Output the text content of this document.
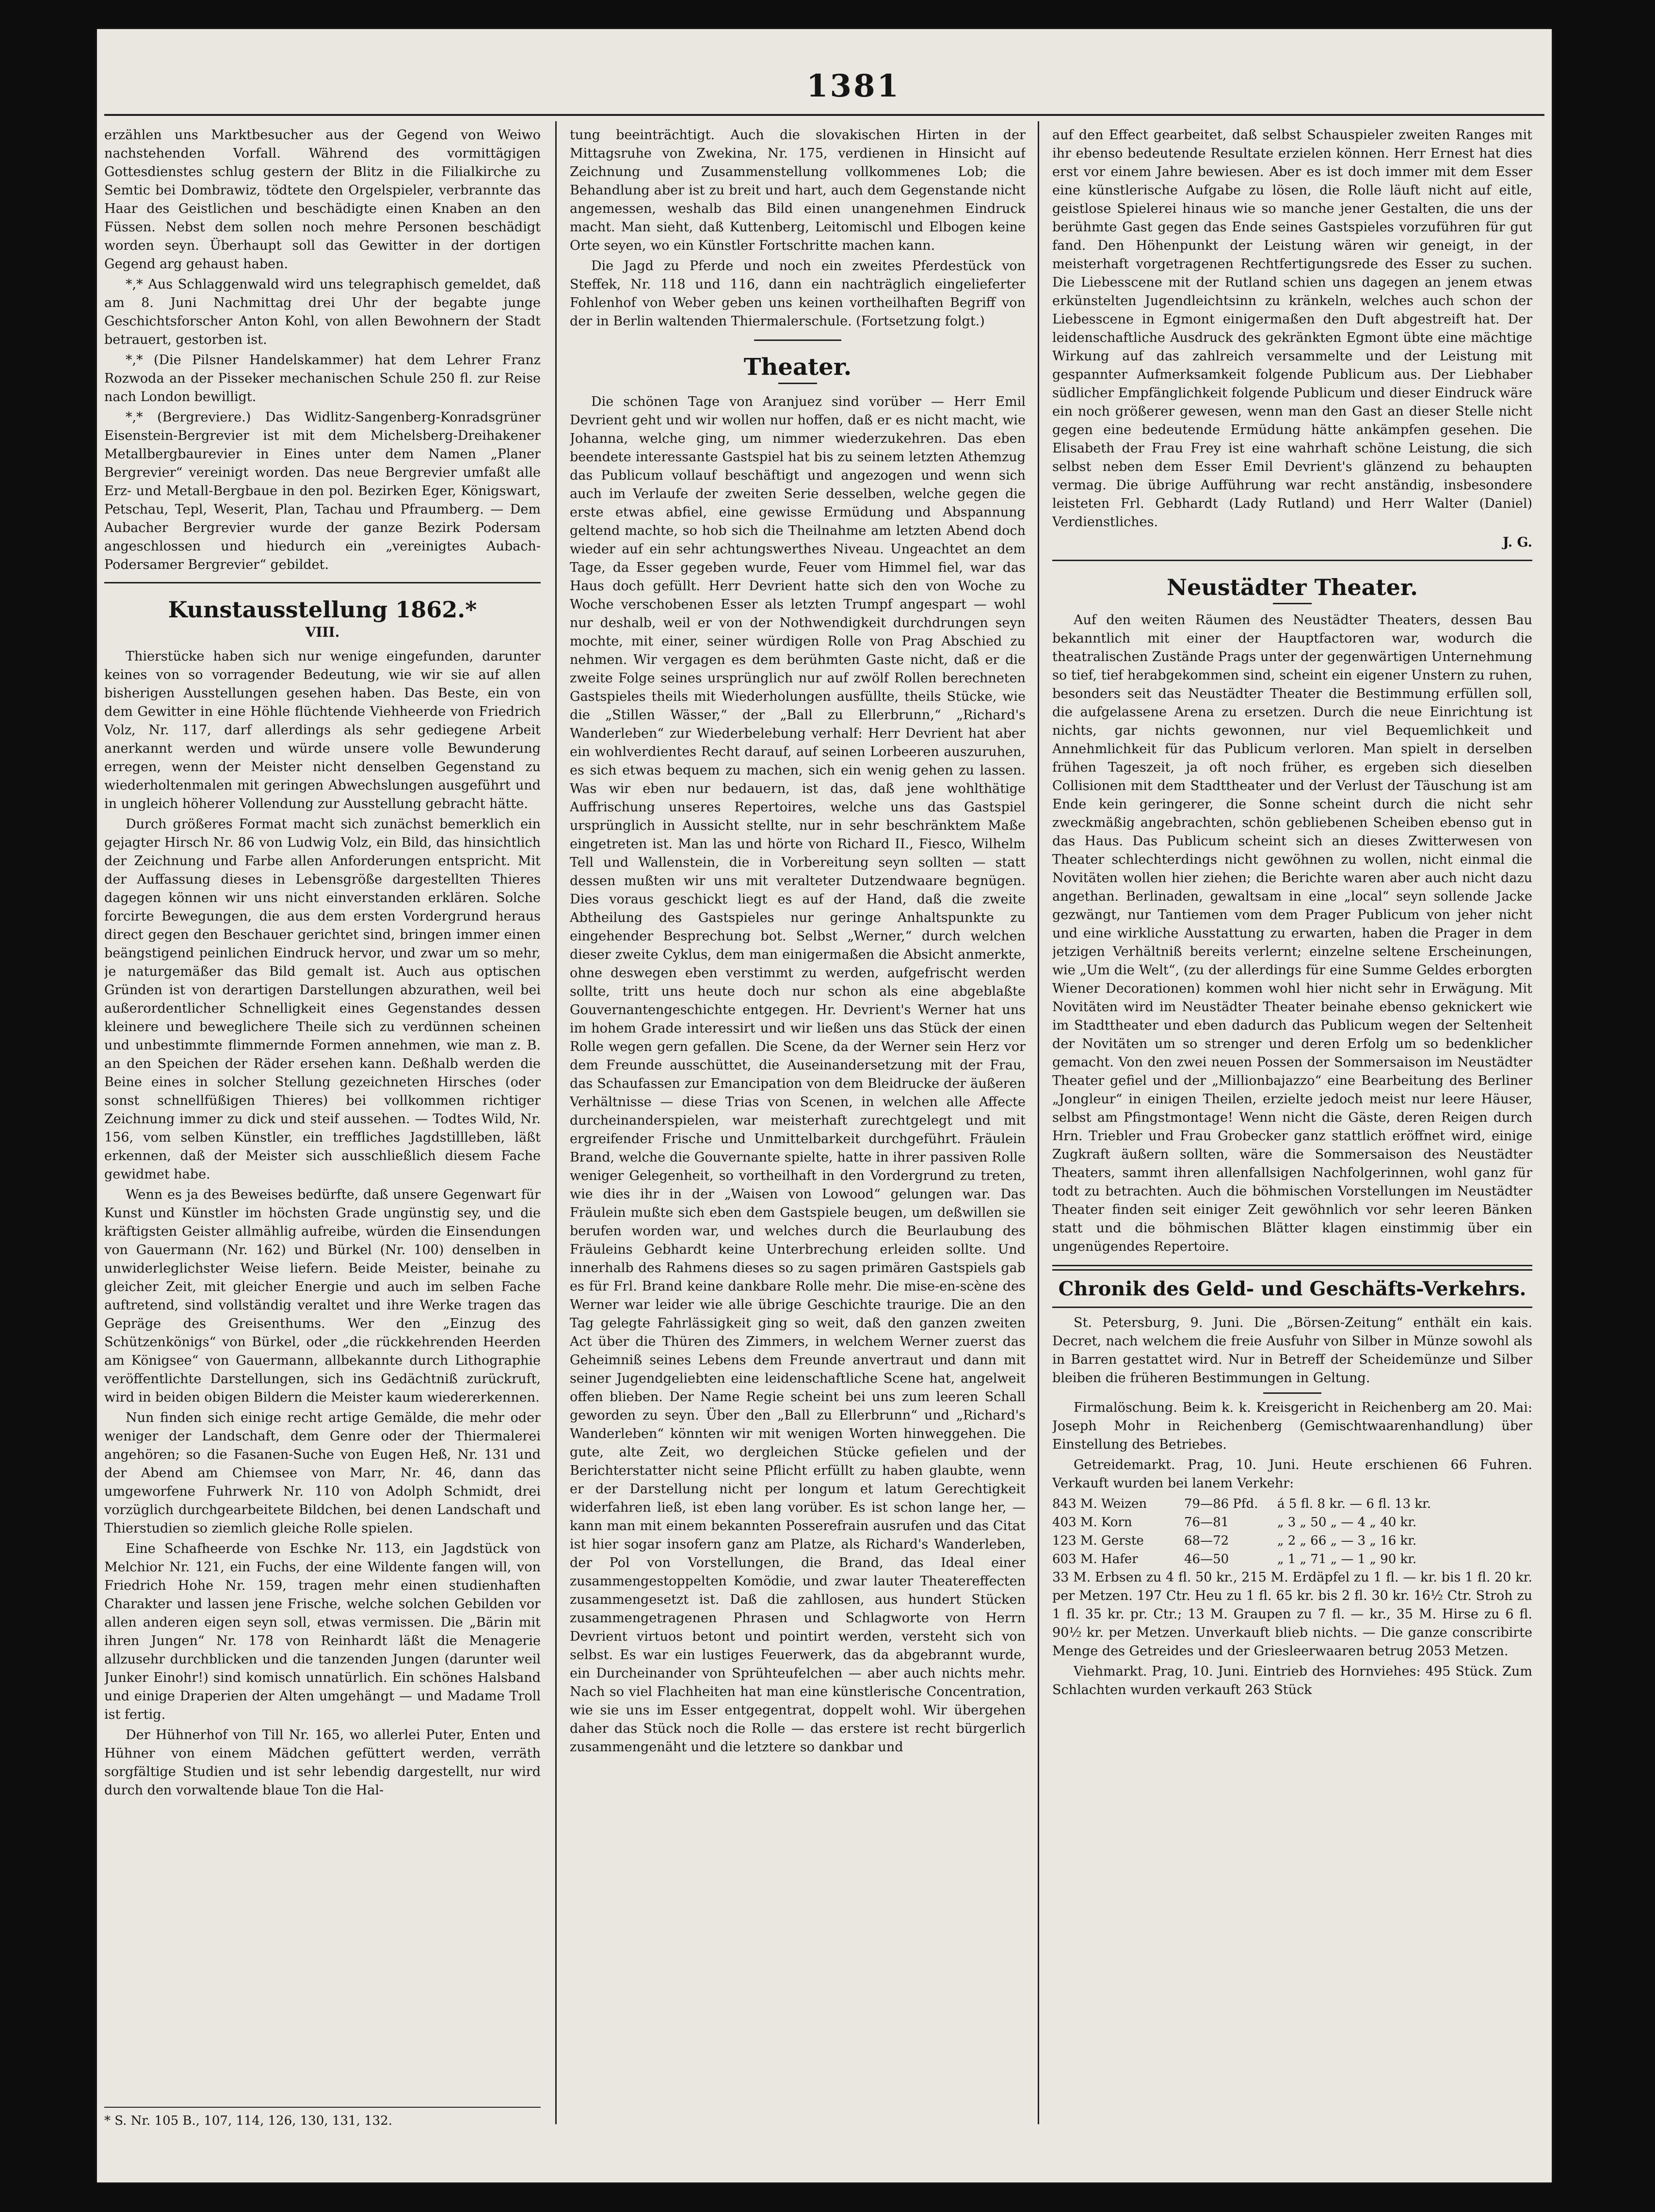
1381

erzählen uns Marktbesucher aus der Gegend von Weiwo nachstehenden Vorfall. Während des vormittägigen Gottesdienstes schlug gestern der Blitz in die Filialkirche zu Semtic bei Dombrawiz, tödtete den Orgelspieler, verbrannte das Haar des Geistlichen und beschädigte einen Knaben an den Füssen. Nebst dem sollen noch mehre Personen beschädigt worden seyn. Überhaupt soll das Gewitter in der dortigen Gegend arg gehaust haben.

*,* Aus Schlaggenwald wird uns telegraphisch gemeldet, daß am 8. Juni Nachmittag drei Uhr der begabte junge Geschichtsforscher Anton Kohl, von allen Bewohnern der Stadt betrauert, gestorben ist.

*,* (Die Pilsner Handelskammer) hat dem Lehrer Franz Rozwoda an der Pisseker mechanischen Schule 250 fl. zur Reise nach London bewilligt.

*,* (Bergreviere.) Das Widlitz-Sangenberg-Konradsgrüner Eisenstein-Bergrevier ist mit dem Michelsberg-Dreihakener Metallbergbaurevier in Eines unter dem Namen „Planer Bergrevier“ vereinigt worden. Das neue Bergrevier umfaßt alle Erz- und Metall-Bergbaue in den pol. Bezirken Eger, Königswart, Petschau, Tepl, Weserit, Plan, Tachau und Pfraumberg. — Dem Aubacher Bergrevier wurde der ganze Bezirk Podersam angeschlossen und hiedurch ein „vereinigtes Aubach-Podersamer Bergrevier“ gebildet.

Kunstausstellung 1862.*
VIII.

Thierstücke haben sich nur wenige eingefunden, darunter keines von so vorragender Bedeutung, wie wir sie auf allen bisherigen Ausstellungen gesehen haben. Das Beste, ein von dem Gewitter in eine Höhle flüchtende Viehheerde von Friedrich Volz, Nr. 117, darf allerdings als sehr gediegene Arbeit anerkannt werden und würde unsere volle Bewunderung erregen, wenn der Meister nicht denselben Gegenstand zu wiederholtenmalen mit geringen Abwechslungen ausgeführt und in ungleich höherer Vollendung zur Ausstellung gebracht hätte.

Durch größeres Format macht sich zunächst bemerklich ein gejagter Hirsch Nr. 86 von Ludwig Volz, ein Bild, das hinsichtlich der Zeichnung und Farbe allen Anforderungen entspricht. Mit der Auffassung dieses in Lebensgröße dargestellten Thieres dagegen können wir uns nicht einverstanden erklären. Solche forcirte Bewegungen, die aus dem ersten Vordergrund heraus direct gegen den Beschauer gerichtet sind, bringen immer einen beängstigend peinlichen Eindruck hervor, und zwar um so mehr, je naturgemäßer das Bild gemalt ist. Auch aus optischen Gründen ist von derartigen Darstellungen abzurathen, weil bei außerordentlicher Schnelligkeit eines Gegenstandes dessen kleinere und beweglichere Theile sich zu verdünnen scheinen und unbestimmte flimmernde Formen annehmen, wie man z. B. an den Speichen der Räder ersehen kann. Deßhalb werden die Beine eines in solcher Stellung gezeichneten Hirsches (oder sonst schnellfüßigen Thieres) bei vollkommen richtiger Zeichnung immer zu dick und steif aussehen. — Todtes Wild, Nr. 156, vom selben Künstler, ein treffliches Jagdstillleben, läßt erkennen, daß der Meister sich ausschließlich diesem Fache gewidmet habe.

Wenn es ja des Beweises bedürfte, daß unsere Gegenwart für Kunst und Künstler im höchsten Grade ungünstig sey, und die kräftigsten Geister allmählig aufreibe, würden die Einsendungen von Gauermann (Nr. 162) und Bürkel (Nr. 100) denselben in unwiderleglichster Weise liefern. Beide Meister, beinahe zu gleicher Zeit, mit gleicher Energie und auch im selben Fache auftretend, sind vollständig veraltet und ihre Werke tragen das Gepräge des Greisenthums. Wer den „Einzug des Schützenkönigs“ von Bürkel, oder „die rückkehrenden Heerden am Königsee“ von Gauermann, allbekannte durch Lithographie veröffentlichte Darstellungen, sich ins Gedächtniß zurückruft, wird in beiden obigen Bildern die Meister kaum wiedererkennen.

Nun finden sich einige recht artige Gemälde, die mehr oder weniger der Landschaft, dem Genre oder der Thiermalerei angehören; so die Fasanen-Suche von Eugen Heß, Nr. 131 und der Abend am Chiemsee von Marr, Nr. 46, dann das umgeworfene Fuhrwerk Nr. 110 von Adolph Schmidt, drei vorzüglich durchgearbeitete Bildchen, bei denen Landschaft und Thierstudien so ziemlich gleiche Rolle spielen.

Eine Schafheerde von Eschke Nr. 113, ein Jagdstück von Melchior Nr. 121, ein Fuchs, der eine Wildente fangen will, von Friedrich Hohe Nr. 159, tragen mehr einen studienhaften Charakter und lassen jene Frische, welche solchen Gebilden vor allen anderen eigen seyn soll, etwas vermissen. Die „Bärin mit ihren Jungen“ Nr. 178 von Reinhardt läßt die Menagerie allzusehr durchblicken und die tanzenden Jungen (darunter weil Junker Einohr!) sind komisch unnatürlich. Ein schönes Halsband und einige Draperien der Alten umgehängt — und Madame Troll ist fertig.

Der Hühnerhof von Till Nr. 165, wo allerlei Puter, Enten und Hühner von einem Mädchen gefüttert werden, verräth sorgfältige Studien und ist sehr lebendig dargestellt, nur wird durch den vorwaltende blaue Ton die Hal-

* S. Nr. 105 B., 107, 114, 126, 130, 131, 132.

tung beeinträchtigt. Auch die slovakischen Hirten in der Mittagsruhe von Zwekina, Nr. 175, verdienen in Hinsicht auf Zeichnung und Zusammenstellung vollkommenes Lob; die Behandlung aber ist zu breit und hart, auch dem Gegenstande nicht angemessen, weshalb das Bild einen unangenehmen Eindruck macht. Man sieht, daß Kuttenberg, Leitomischl und Elbogen keine Orte seyen, wo ein Künstler Fortschritte machen kann.

Die Jagd zu Pferde und noch ein zweites Pferdestück von Steffek, Nr. 118 und 116, dann ein nachträglich eingelieferter Fohlenhof von Weber geben uns keinen vortheilhaften Begriff von der in Berlin waltenden Thiermalerschule. (Fortsetzung folgt.)

Theater.

Die schönen Tage von Aranjuez sind vorüber — Herr Emil Devrient geht und wir wollen nur hoffen, daß er es nicht macht, wie Johanna, welche ging, um nimmer wiederzukehren. Das eben beendete interessante Gastspiel hat bis zu seinem letzten Athemzug das Publicum vollauf beschäftigt und angezogen und wenn sich auch im Verlaufe der zweiten Serie desselben, welche gegen die erste etwas abfiel, eine gewisse Ermüdung und Abspannung geltend machte, so hob sich die Theilnahme am letzten Abend doch wieder auf ein sehr achtungswerthes Niveau. Ungeachtet an dem Tage, da Esser gegeben wurde, Feuer vom Himmel fiel, war das Haus doch gefüllt. Herr Devrient hatte sich den von Woche zu Woche verschobenen Esser als letzten Trumpf angespart — wohl nur deshalb, weil er von der Nothwendigkeit durchdrungen seyn mochte, mit einer, seiner würdigen Rolle von Prag Abschied zu nehmen. Wir vergagen es dem berühmten Gaste nicht, daß er die zweite Folge seines ursprünglich nur auf zwölf Rollen berechneten Gastspieles theils mit Wiederholungen ausfüllte, theils Stücke, wie die „Stillen Wässer,“ der „Ball zu Ellerbrunn,“ „Richard's Wanderleben“ zur Wiederbelebung verhalf: Herr Devrient hat aber ein wohlverdientes Recht darauf, auf seinen Lorbeeren auszuruhen, es sich etwas bequem zu machen, sich ein wenig gehen zu lassen. Was wir eben nur bedauern, ist das, daß jene wohlthätige Auffrischung unseres Repertoires, welche uns das Gastspiel ursprünglich in Aussicht stellte, nur in sehr beschränktem Maße eingetreten ist. Man las und hörte von Richard II., Fiesco, Wilhelm Tell und Wallenstein, die in Vorbereitung seyn sollten — statt dessen mußten wir uns mit veralteter Dutzendwaare begnügen. Dies voraus geschickt liegt es auf der Hand, daß die zweite Abtheilung des Gastspieles nur geringe Anhaltspunkte zu eingehender Besprechung bot. Selbst „Werner,“ durch welchen dieser zweite Cyklus, dem man einigermaßen die Absicht anmerkte, ohne deswegen eben verstimmt zu werden, aufgefrischt werden sollte, tritt uns heute doch nur schon als eine abgeblaßte Gouvernantengeschichte entgegen. Hr. Devrient's Werner hat uns im hohem Grade interessirt und wir ließen uns das Stück der einen Rolle wegen gern gefallen. Die Scene, da der Werner sein Herz vor dem Freunde ausschüttet, die Auseinandersetzung mit der Frau, das Schaufassen zur Emancipation von dem Bleidrucke der äußeren Verhältnisse — diese Trias von Scenen, in welchen alle Affecte durcheinanderspielen, war meisterhaft zurechtgelegt und mit ergreifender Frische und Unmittelbarkeit durchgeführt. Fräulein Brand, welche die Gouvernante spielte, hatte in ihrer passiven Rolle weniger Gelegenheit, so vortheilhaft in den Vordergrund zu treten, wie dies ihr in der „Waisen von Lowood“ gelungen war. Das Fräulein mußte sich eben dem Gastspiele beugen, um deßwillen sie berufen worden war, und welches durch die Beurlaubung des Fräuleins Gebhardt keine Unterbrechung erleiden sollte. Und innerhalb des Rahmens dieses so zu sagen primären Gastspiels gab es für Frl. Brand keine dankbare Rolle mehr. Die mise-en-scène des Werner war leider wie alle übrige Geschichte traurige. Die an den Tag gelegte Fahrlässigkeit ging so weit, daß den ganzen zweiten Act über die Thüren des Zimmers, in welchem Werner zuerst das Geheimniß seines Lebens dem Freunde anvertraut und dann mit seiner Jugendgeliebten eine leidenschaftliche Scene hat, angelweit offen blieben. Der Name Regie scheint bei uns zum leeren Schall geworden zu seyn. Über den „Ball zu Ellerbrunn“ und „Richard's Wanderleben“ könnten wir mit wenigen Worten hinweggehen. Die gute, alte Zeit, wo dergleichen Stücke gefielen und der Berichterstatter nicht seine Pflicht erfüllt zu haben glaubte, wenn er der Darstellung nicht per longum et latum Gerechtigkeit widerfahren ließ, ist eben lang vorüber. Es ist schon lange her, — kann man mit einem bekannten Posserefrain ausrufen und das Citat ist hier sogar insofern ganz am Platze, als Richard's Wanderleben, der Pol von Vorstellungen, die Brand, das Ideal einer zusammengestoppelten Komödie, und zwar lauter Theatereffecten zusammengesetzt ist. Daß die zahllosen, aus hundert Stücken zusammengetragenen Phrasen und Schlagworte von Herrn Devrient virtuos betont und pointirt werden, versteht sich von selbst. Es war ein lustiges Feuerwerk, das da abgebrannt wurde, ein Durcheinander von Sprühteufelchen — aber auch nichts mehr. Nach so viel Flachheiten hat man eine künstlerische Concentration, wie sie uns im Esser entgegentrat, doppelt wohl. Wir übergehen daher das Stück noch die Rolle — das erstere ist recht bürgerlich zusammengenäht und die letztere so dankbar und

auf den Effect gearbeitet, daß selbst Schauspieler zweiten Ranges mit ihr ebenso bedeutende Resultate erzielen können. Herr Ernest hat dies erst vor einem Jahre bewiesen. Aber es ist doch immer mit dem Esser eine künstlerische Aufgabe zu lösen, die Rolle läuft nicht auf eitle, geistlose Spielerei hinaus wie so manche jener Gestalten, die uns der berühmte Gast gegen das Ende seines Gastspieles vorzuführen für gut fand. Den Höhenpunkt der Leistung wären wir geneigt, in der meisterhaft vorgetragenen Rechtfertigungsrede des Esser zu suchen. Die Liebesscene mit der Rutland schien uns dagegen an jenem etwas erkünstelten Jugendleichtsinn zu kränkeln, welches auch schon der Liebesscene in Egmont einigermaßen den Duft abgestreift hat. Der leidenschaftliche Ausdruck des gekränkten Egmont übte eine mächtige Wirkung auf das zahlreich versammelte und der Leistung mit gespannter Aufmerksamkeit folgende Publicum aus. Der Liebhaber südlicher Empfänglichkeit folgende Publicum und dieser Eindruck wäre ein noch größerer gewesen, wenn man den Gast an dieser Stelle nicht gegen eine bedeutende Ermüdung hätte ankämpfen gesehen. Die Elisabeth der Frau Frey ist eine wahrhaft schöne Leistung, die sich selbst neben dem Esser Emil Devrient's glänzend zu behaupten vermag. Die übrige Aufführung war recht anständig, insbesondere leisteten Frl. Gebhardt (Lady Rutland) und Herr Walter (Daniel) Verdienstliches.

J. G.

Neustädter Theater.

Auf den weiten Räumen des Neustädter Theaters, dessen Bau bekanntlich mit einer der Hauptfactoren war, wodurch die theatralischen Zustände Prags unter der gegenwärtigen Unternehmung so tief, tief herabgekommen sind, scheint ein eigener Unstern zu ruhen, besonders seit das Neustädter Theater die Bestimmung erfüllen soll, die aufgelassene Arena zu ersetzen. Durch die neue Einrichtung ist nichts, gar nichts gewonnen, nur viel Bequemlichkeit und Annehmlichkeit für das Publicum verloren. Man spielt in derselben frühen Tageszeit, ja oft noch früher, es ergeben sich dieselben Collisionen mit dem Stadttheater und der Verlust der Täuschung ist am Ende kein geringerer, die Sonne scheint durch die nicht sehr zweckmäßig angebrachten, schön gebliebenen Scheiben ebenso gut in das Haus. Das Publicum scheint sich an dieses Zwitterwesen von Theater schlechterdings nicht gewöhnen zu wollen, nicht einmal die Novitäten wollen hier ziehen; die Berichte waren aber auch nicht dazu angethan. Berlinaden, gewaltsam in eine „local“ seyn sollende Jacke gezwängt, nur Tantiemen vom dem Prager Publicum von jeher nicht und eine wirkliche Ausstattung zu erwarten, haben die Prager in dem jetzigen Verhältniß bereits verlernt; einzelne seltene Erscheinungen, wie „Um die Welt“, (zu der allerdings für eine Summe Geldes erborgten Wiener Decorationen) kommen wohl hier nicht sehr in Erwägung. Mit Novitäten wird im Neustädter Theater beinahe ebenso geknickert wie im Stadttheater und eben dadurch das Publicum wegen der Seltenheit der Novitäten um so strenger und deren Erfolg um so bedenklicher gemacht. Von den zwei neuen Possen der Sommersaison im Neustädter Theater gefiel und der „Millionbajazzo“ eine Bearbeitung des Berliner „Jongleur“ in einigen Theilen, erzielte jedoch meist nur leere Häuser, selbst am Pfingstmontage! Wenn nicht die Gäste, deren Reigen durch Hrn. Triebler und Frau Grobecker ganz stattlich eröffnet wird, einige Zugkraft äußern sollten, wäre die Sommersaison des Neustädter Theaters, sammt ihren allenfallsigen Nachfolgerinnen, wohl ganz für todt zu betrachten. Auch die böhmischen Vorstellungen im Neustädter Theater finden seit einiger Zeit gewöhnlich vor sehr leeren Bänken statt und die böhmischen Blätter klagen einstimmig über ein ungenügendes Repertoire.

Chronik des Geld- und Geschäfts-Verkehrs.

St. Petersburg, 9. Juni. Die „Börsen-Zeitung“ enthält ein kais. Decret, nach welchem die freie Ausfuhr von Silber in Münze sowohl als in Barren gestattet wird. Nur in Betreff der Scheidemünze und Silber bleiben die früheren Bestimmungen in Geltung.

Firmalöschung. Beim k. k. Kreisgericht in Reichenberg am 20. Mai: Joseph Mohr in Reichenberg (Gemischtwaarenhandlung) über Einstellung des Betriebes.

Getreidemarkt. Prag, 10. Juni. Heute erschienen 66 Fuhren. Verkauft wurden bei lanem Verkehr:

843 M. Weizen	79—86 Pfd.	á 5 fl. 8 kr. — 6 fl. 13 kr.
403 M. Korn	76—81	„ 3 „ 50 „ — 4 „ 40 kr.
123 M. Gerste	68—72	„ 2 „ 66 „ — 3 „ 16 kr.
603 M. Hafer	46—50	„ 1 „ 71 „ — 1 „ 90 kr.

33 M. Erbsen zu 4 fl. 50 kr., 215 M. Erdäpfel zu 1 fl. — kr. bis 1 fl. 20 kr. per Metzen. 197 Ctr. Heu zu 1 fl. 65 kr. bis 2 fl. 30 kr. 16½ Ctr. Stroh zu 1 fl. 35 kr. pr. Ctr.; 13 M. Graupen zu 7 fl. — kr., 35 M. Hirse zu 6 fl. 90½ kr. per Metzen. Unverkauft blieb nichts. — Die ganze conscribirte Menge des Getreides und der Griesleerwaaren betrug 2053 Metzen.

Viehmarkt. Prag, 10. Juni. Eintrieb des Hornviehes: 495 Stück. Zum Schlachten wurden verkauft 263 Stück
